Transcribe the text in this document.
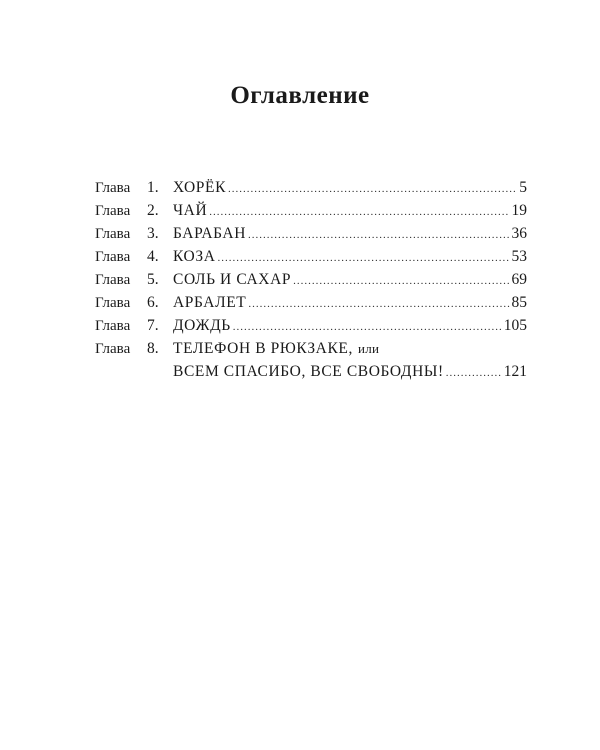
Оглавление
Глава	1. ХОРЁК .....	5
Глава	2. ЧАЙ .....	19
Глава	3. БАРАБАН .....	36
Глава	4. КОЗА .....	53
Глава	5. СОЛЬ И САХАР .....	69
Глава	6. АРБАЛЕТ .....	85
Глава	7. ДОЖДЬ .....	105
Глава	8. ТЕЛЕФОН В РЮКЗАКЕ, или
ВСЕМ СПАСИБО, ВСЕ СВОБОДНЫ! .....	121
